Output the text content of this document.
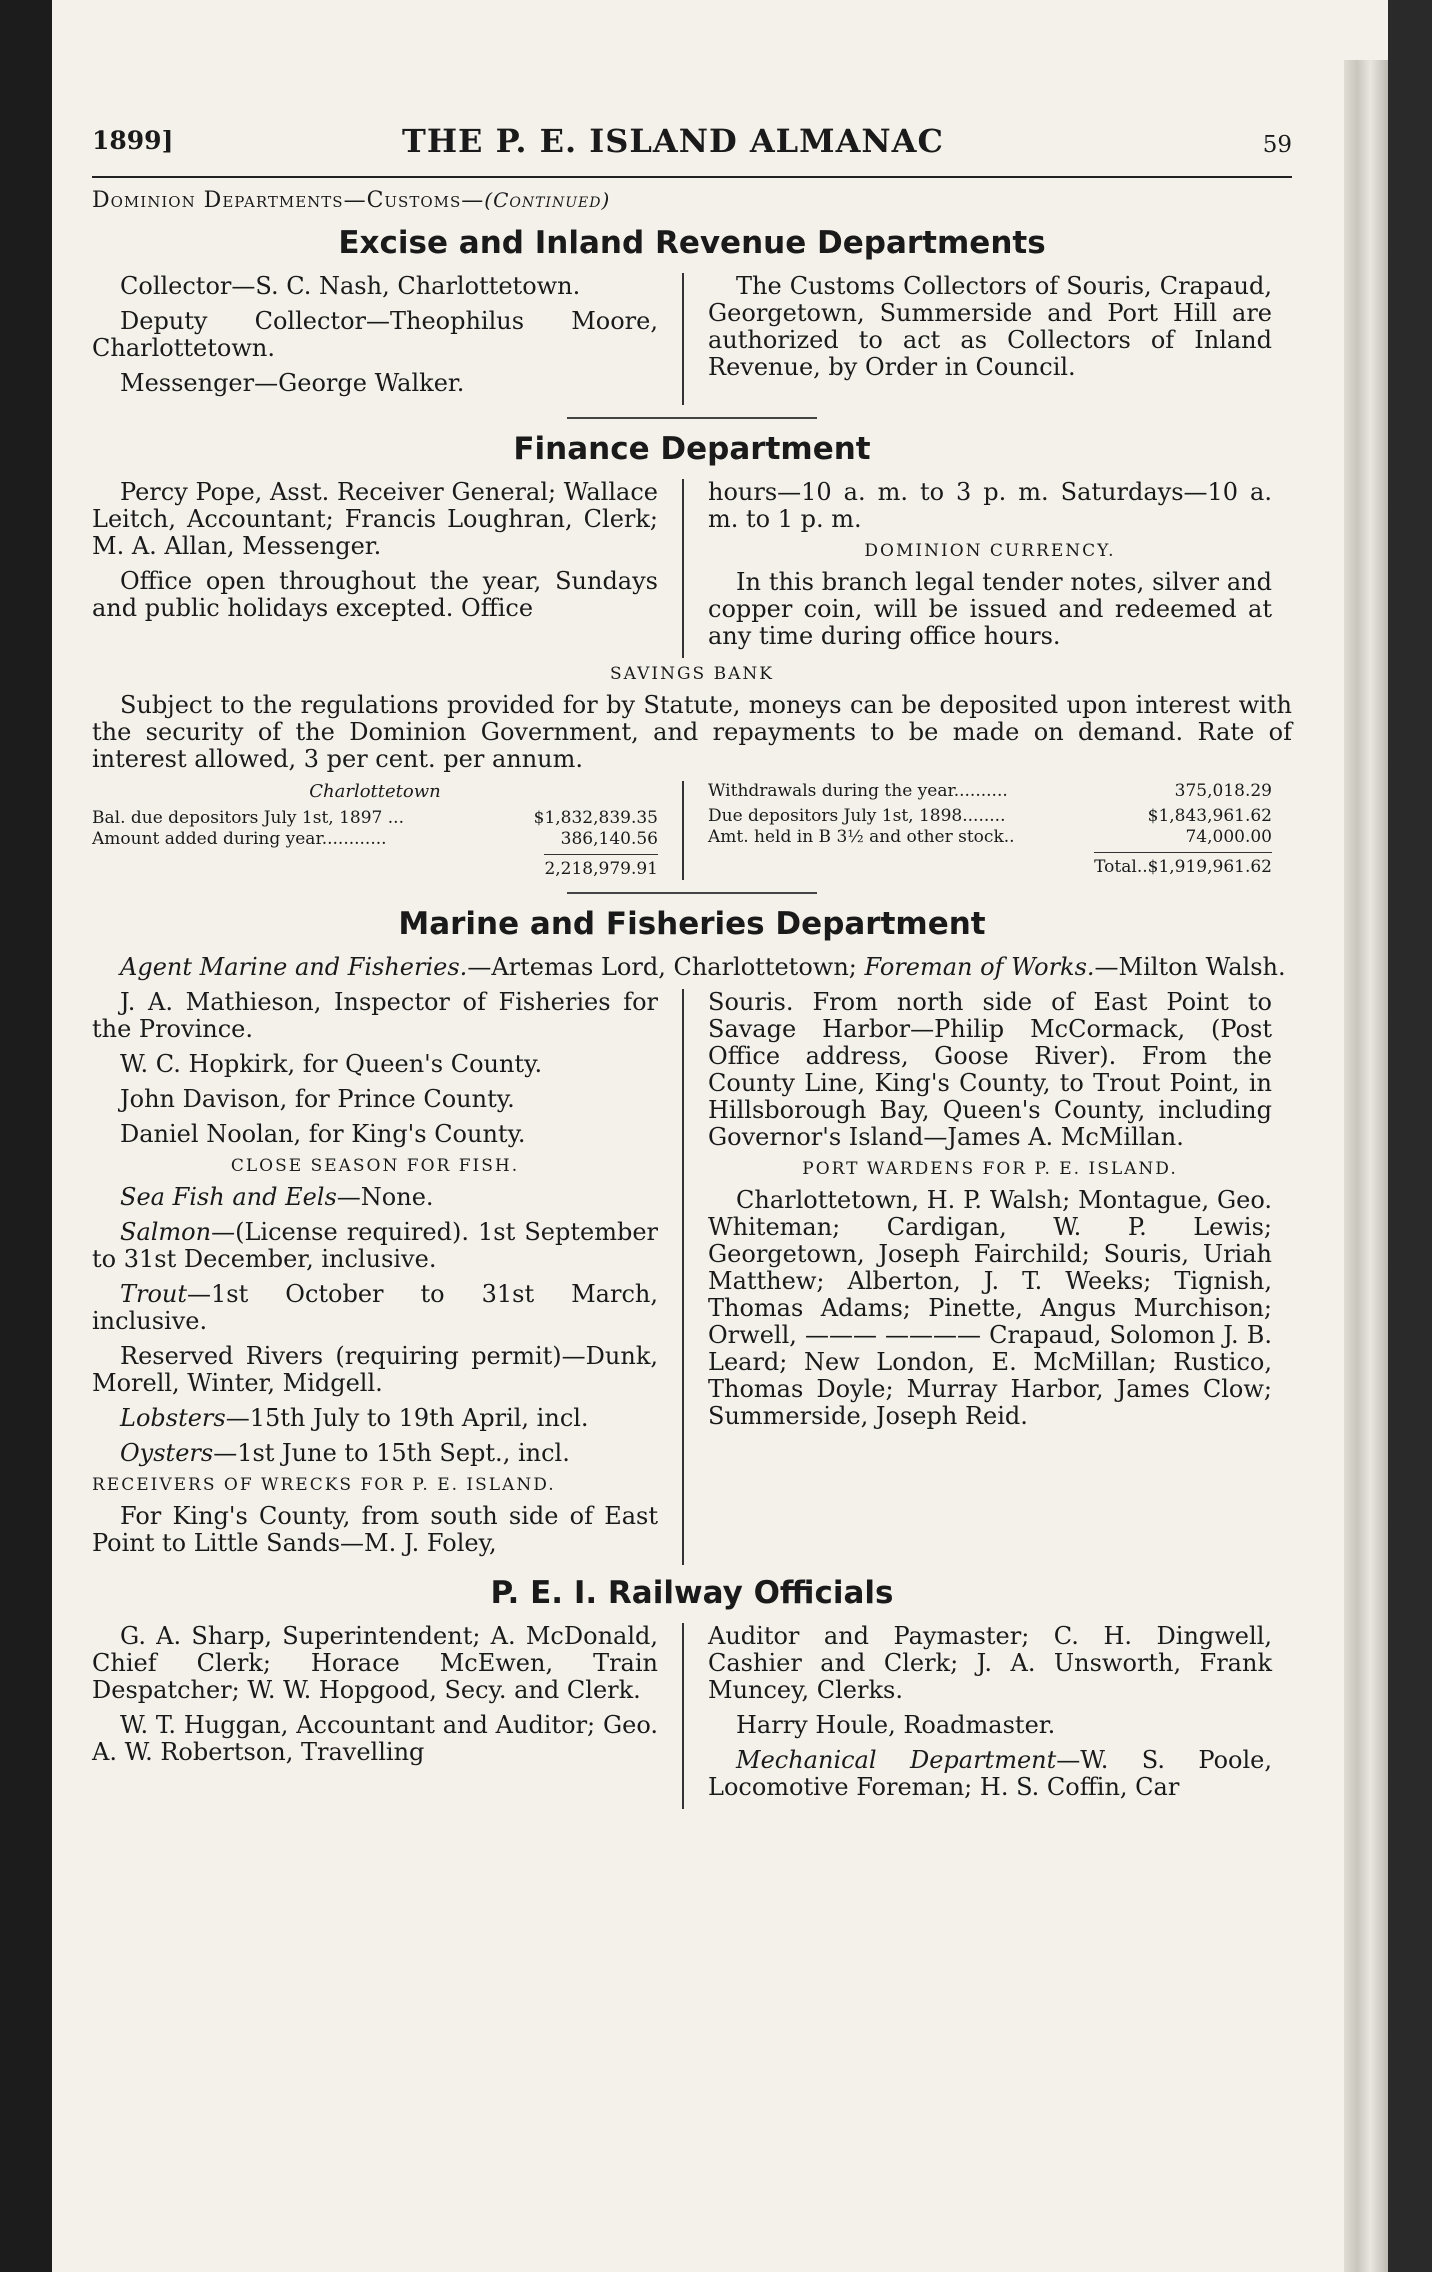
1899]	THE P. E. ISLAND ALMANAC	59
Dominion Departments—Customs—(Continued)
Excise and Inland Revenue Departments

Collector—S. C. Nash, Charlottetown.

Deputy Collector—Theophilus Moore, Charlottetown.

Messenger—George Walker.

The Customs Collectors of Souris, Crapaud, Georgetown, Summerside and Port Hill are authorized to act as Collectors of Inland Revenue, by Order in Council.

Finance Department

Percy Pope, Asst. Receiver General; Wallace Leitch, Accountant; Francis Loughran, Clerk; M. A. Allan, Messenger.

Office open throughout the year, Sundays and public holidays excepted. Office

hours—10 a. m. to 3 p. m. Saturdays—10 a. m. to 1 p. m.

DOMINION CURRENCY.

In this branch legal tender notes, silver and copper coin, will be issued and redeemed at any time during office hours.

SAVINGS BANK
Subject to the regulations provided for by Statute, moneys can be deposited upon interest with the security of the Dominion Government, and repayments to be made on demand. Rate of interest allowed, 3 per cent. per annum.
Charlottetown
Bal. due depositors July 1st, 1897 ...	$1,832,839.35
Amount added during year............	386,140.56
2,218,979.91
Withdrawals during the year..........	375,018.29
Due depositors July 1st, 1898........	$1,843,961.62
Amt. held in B 3½ and other stock..	74,000.00
Total..$1,919,961.62
Marine and Fisheries Department
Agent Marine and Fisheries.—Artemas Lord, Charlottetown; Foreman of Works.—Milton Walsh.

J. A. Mathieson, Inspector of Fisheries for the Province.

W. C. Hopkirk, for Queen's County.

John Davison, for Prince County.

Daniel Noolan, for King's County.

CLOSE SEASON FOR FISH.

Sea Fish and Eels—None.

Salmon—(License required). 1st September to 31st December, inclusive.

Trout—1st October to 31st March, inclusive.

Reserved Rivers (requiring permit)—Dunk, Morell, Winter, Midgell.

Lobsters—15th July to 19th April, incl.

Oysters—1st June to 15th Sept., incl.

RECEIVERS OF WRECKS FOR P. E. ISLAND.

For King's County, from south side of East Point to Little Sands—M. J. Foley,

Souris. From north side of East Point to Savage Harbor—Philip McCormack, (Post Office address, Goose River). From the County Line, King's County, to Trout Point, in Hillsborough Bay, Queen's County, including Governor's Island—James A. McMillan.

PORT WARDENS FOR P. E. ISLAND.

Charlottetown, H. P. Walsh; Montague, Geo. Whiteman; Cardigan, W. P. Lewis; Georgetown, Joseph Fairchild; Souris, Uriah Matthew; Alberton, J. T. Weeks; Tignish, Thomas Adams; Pinette, Angus Murchison; Orwell, ——— ———— Crapaud, Solomon J. B. Leard; New London, E. McMillan; Rustico, Thomas Doyle; Murray Harbor, James Clow; Summerside, Joseph Reid.

P. E. I. Railway Officials

G. A. Sharp, Superintendent; A. McDonald, Chief Clerk; Horace McEwen, Train Despatcher; W. W. Hopgood, Secy. and Clerk.

W. T. Huggan, Accountant and Auditor; Geo. A. W. Robertson, Travelling

Auditor and Paymaster; C. H. Dingwell, Cashier and Clerk; J. A. Unsworth, Frank Muncey, Clerks.

Harry Houle, Roadmaster.

Mechanical Department—W. S. Poole, Locomotive Foreman; H. S. Coffin, Car
